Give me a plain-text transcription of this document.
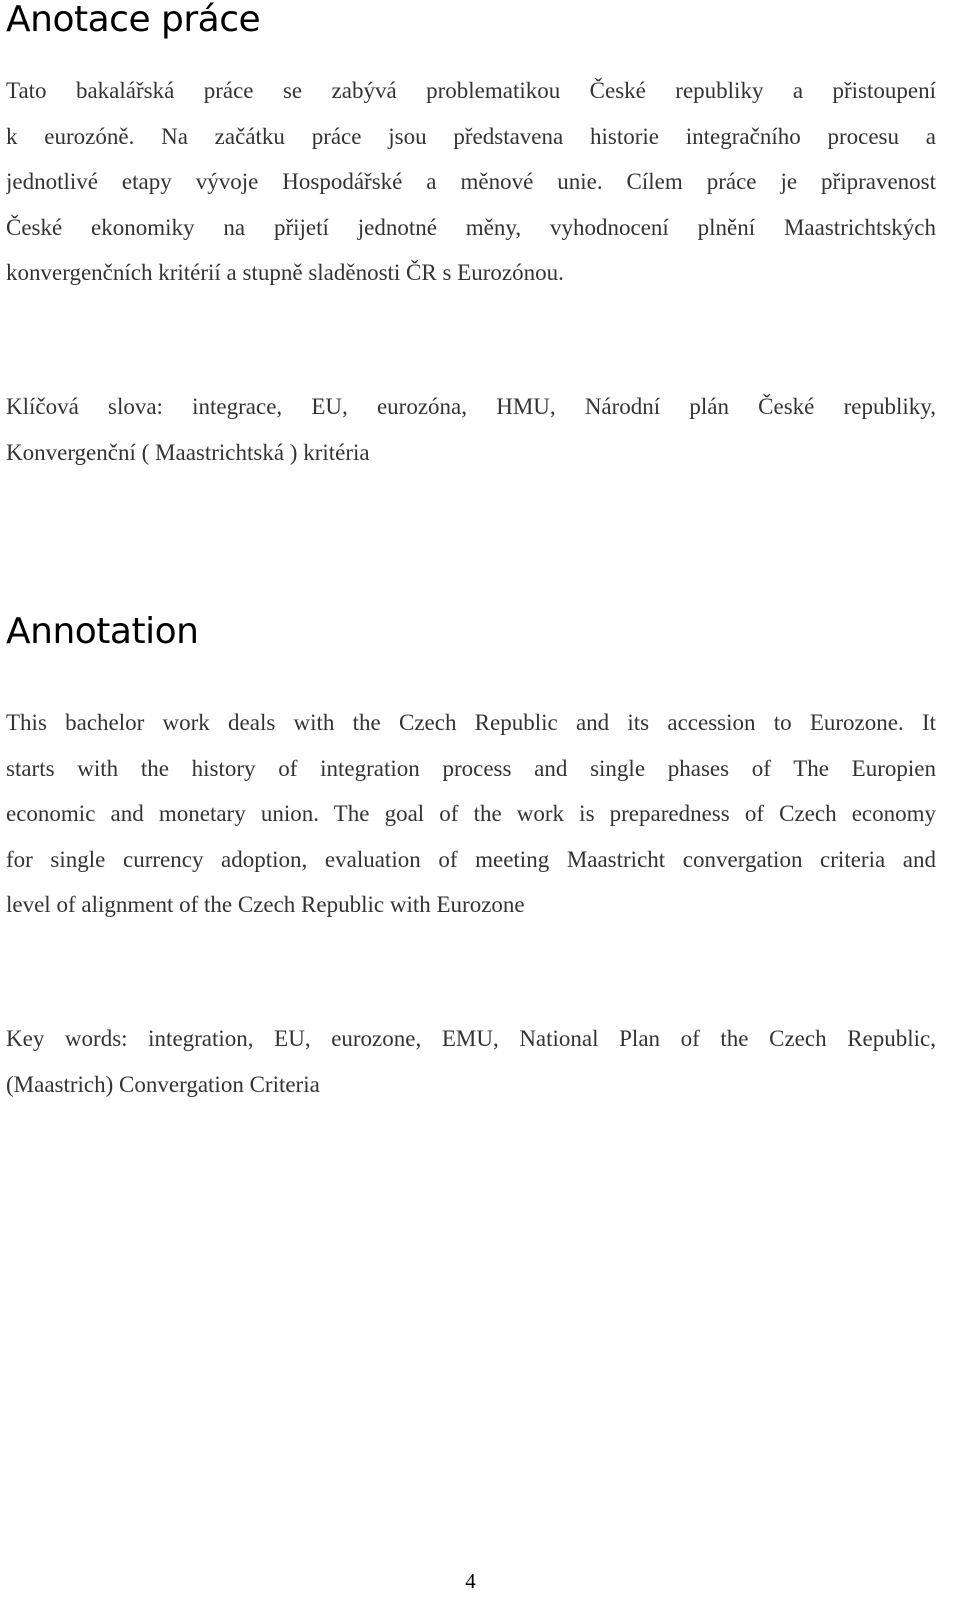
Anotace práce

Tato bakalářská práce se zabývá problematikou České republiky a přistoupení
k eurozóně. Na začátku práce jsou představena historie integračního procesu a
jednotlivé etapy vývoje Hospodářské a měnové unie. Cílem práce je připravenost
České ekonomiky na přijetí jednotné měny, vyhodnocení plnění Maastrichtských
konvergenčních kritérií a stupně sladěnosti ČR s Eurozónou.

Klíčová slova: integrace, EU, eurozóna, HMU, Národní plán České republiky,
Konvergenční ( Maastrichtská ) kritéria

Annotation

This bachelor work deals with the Czech Republic and its accession to Eurozone. It
starts with the history of integration process and single phases of The Europien
economic and monetary union. The goal of the work is preparedness of Czech economy
for single currency adoption, evaluation of meeting Maastricht convergation criteria and
level of alignment of the Czech Republic with Eurozone

Key words: integration, EU, eurozone, EMU, National Plan of the Czech Republic,
(Maastrich) Convergation Criteria

4
